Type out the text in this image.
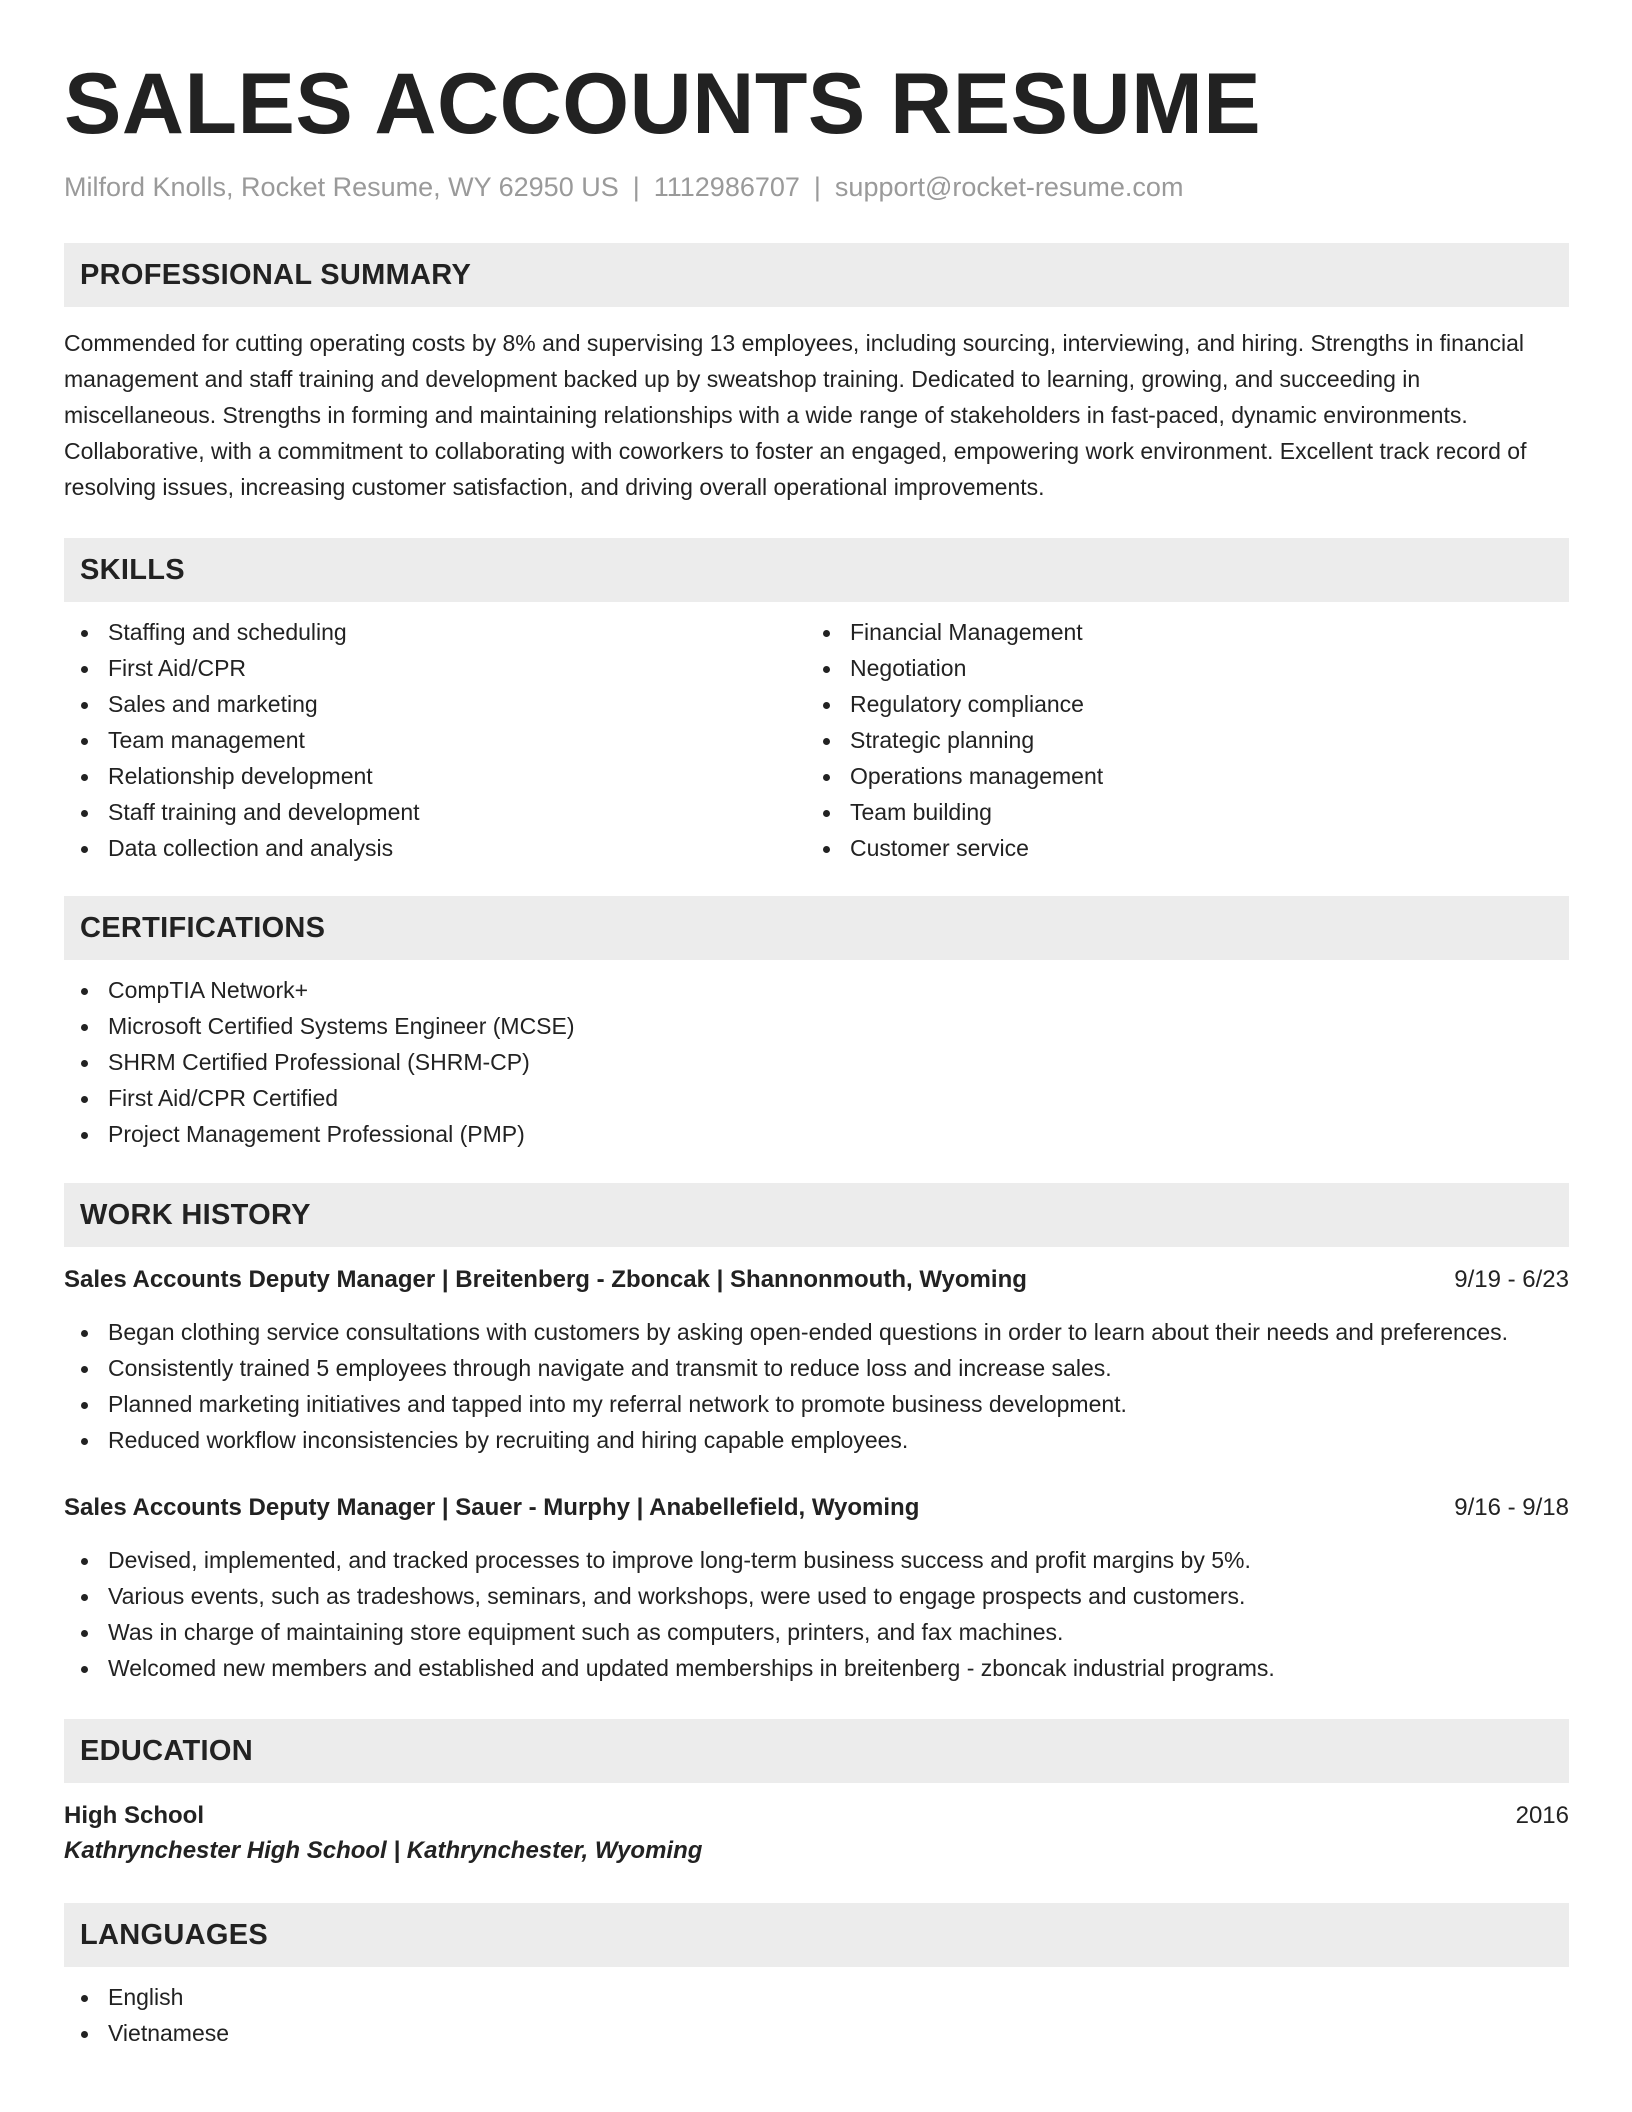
SALES ACCOUNTS RESUME
Milford Knolls, Rocket Resume, WY 62950 US | 1112986707 | support@rocket-resume.com
PROFESSIONAL SUMMARY

Commended for cutting operating costs by 8% and supervising 13 employees, including sourcing, interviewing, and hiring. Strengths in financial management and staff training and development backed up by sweatshop training. Dedicated to learning, growing, and succeeding in miscellaneous. Strengths in forming and maintaining relationships with a wide range of stakeholders in fast-paced, dynamic environments. Collaborative, with a commitment to collaborating with coworkers to foster an engaged, empowering work environment. Excellent track record of resolving issues, increasing customer satisfaction, and driving overall operational improvements.

SKILLS
Staffing and scheduling
First Aid/CPR
Sales and marketing
Team management
Relationship development
Staff training and development
Data collection and analysis
Financial Management
Negotiation
Regulatory compliance
Strategic planning
Operations management
Team building
Customer service
CERTIFICATIONS
CompTIA Network+
Microsoft Certified Systems Engineer (MCSE)
SHRM Certified Professional (SHRM-CP)
First Aid/CPR Certified
Project Management Professional (PMP)
WORK HISTORY
Sales Accounts Deputy Manager | Breitenberg - Zboncak | Shannonmouth, Wyoming	9/19 - 6/23
Began clothing service consultations with customers by asking open-ended questions in order to learn about their needs and preferences.
Consistently trained 5 employees through navigate and transmit to reduce loss and increase sales.
Planned marketing initiatives and tapped into my referral network to promote business development.
Reduced workflow inconsistencies by recruiting and hiring capable employees.
Sales Accounts Deputy Manager | Sauer - Murphy | Anabellefield, Wyoming	9/16 - 9/18
Devised, implemented, and tracked processes to improve long-term business success and profit margins by 5%.
Various events, such as tradeshows, seminars, and workshops, were used to engage prospects and customers.
Was in charge of maintaining store equipment such as computers, printers, and fax machines.
Welcomed new members and established and updated memberships in breitenberg - zboncak industrial programs.
EDUCATION
High School	2016
Kathrynchester High School | Kathrynchester, Wyoming
LANGUAGES
English
Vietnamese
